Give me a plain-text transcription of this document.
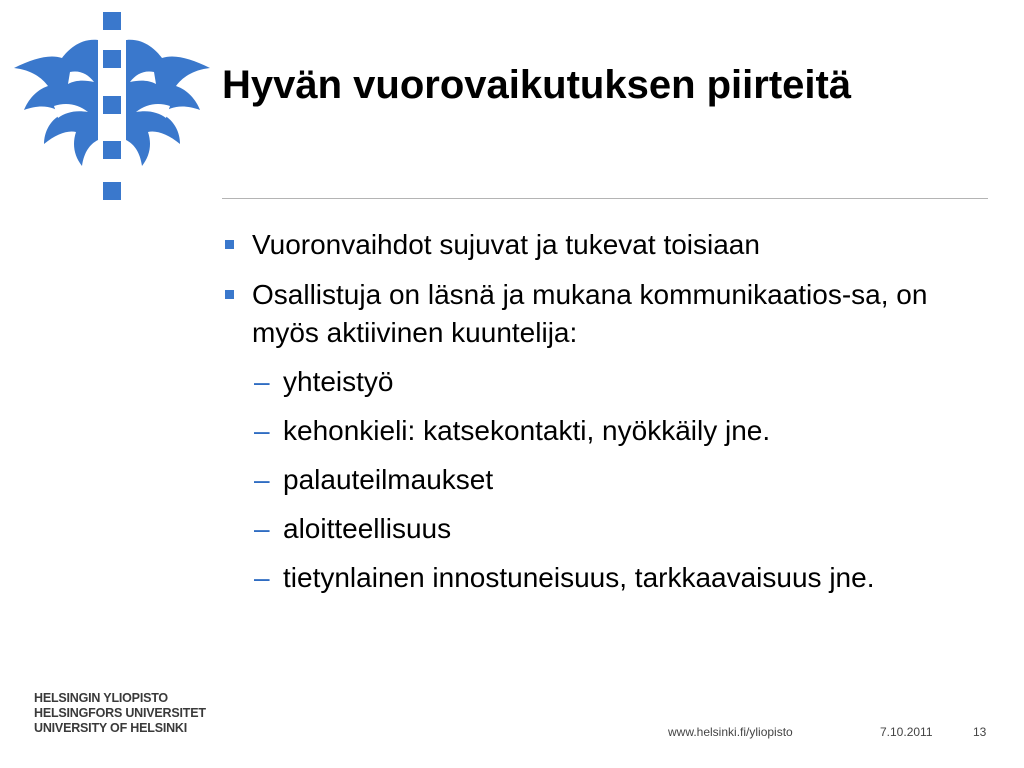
Hyvän vuorovaikutuksen piirteitä
Vuoronvaihdot sujuvat ja tukevat toisiaan
Osallistuja on läsnä ja mukana kommunikaatios-sa, on myös aktiivinen kuuntelija:
– yhteistyö
– kehonkieli: katsekontakti, nyökkäily jne.
– palauteilmaukset
– aloitteellisuus
– tietynlainen innostuneisuus, tarkkaavaisuus jne.
HELSINGIN YLIOPISTO
HELSINGFORS UNIVERSITET
UNIVERSITY OF HELSINKI	www.helsinki.fi/yliopisto	7.10.2011	13
